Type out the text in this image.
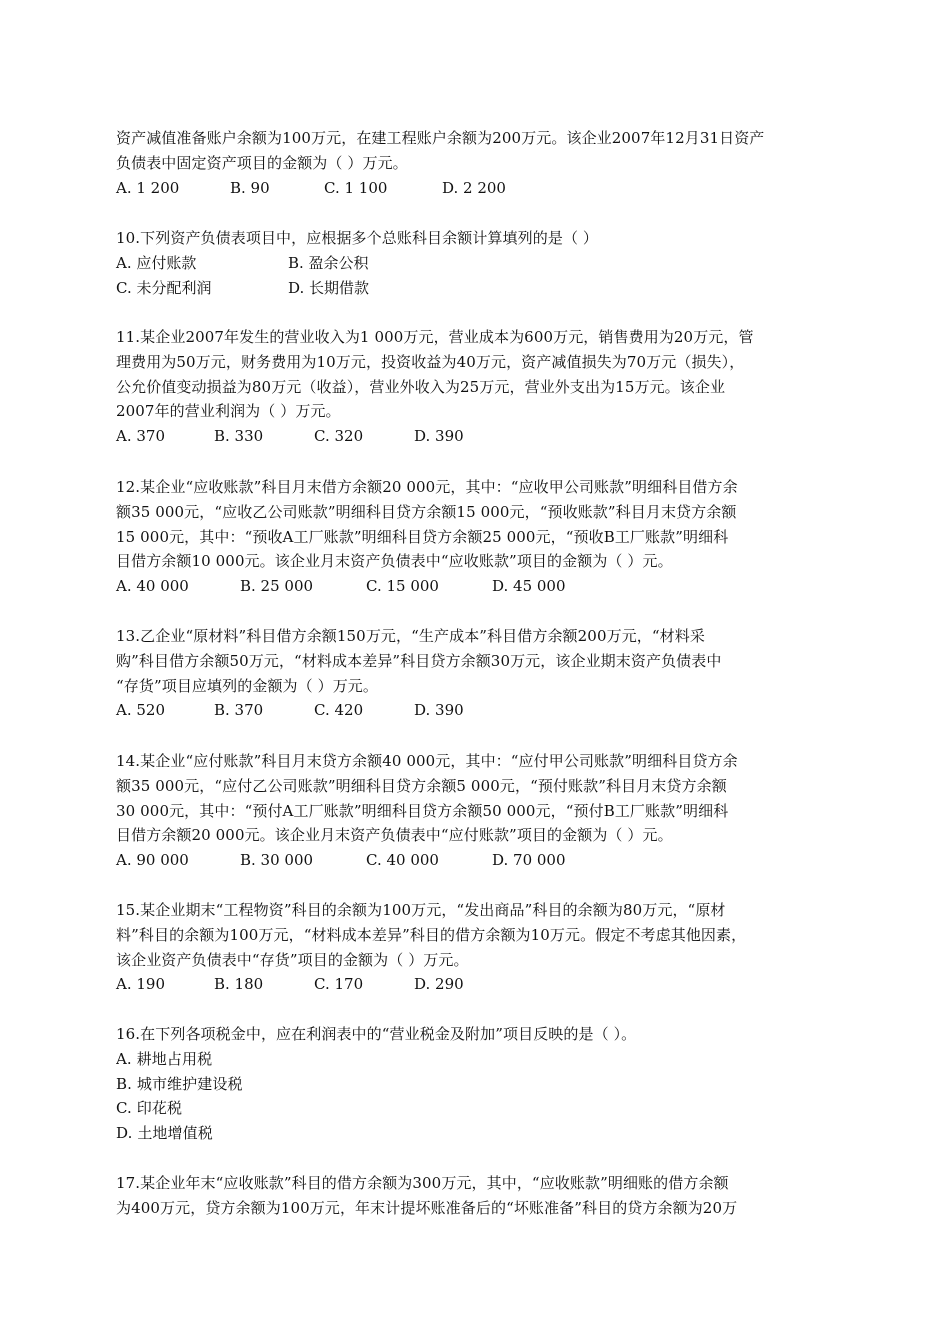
资产减值准备账户余额为100万元，在建工程账户余额为200万元。该企业2007年12月31日资产
负债表中固定资产项目的金额为（ ）万元。
A. 1 200	B. 90	C. 1 100	D. 2 200
10.下列资产负债表项目中，应根据多个总账科目余额计算填列的是（ ）
A. 应付账款	B. 盈余公积
C. 未分配利润	D. 长期借款
11.某企业2007年发生的营业收入为1 000万元，营业成本为600万元，销售费用为20万元，管
理费用为50万元，财务费用为10万元，投资收益为40万元，资产减值损失为70万元（损失），
公允价值变动损益为80万元（收益），营业外收入为25万元，营业外支出为15万元。该企业
2007年的营业利润为（ ）万元。
A. 370	B. 330	C. 320	D. 390
12.某企业“应收账款”科目月末借方余额20 000元，其中：“应收甲公司账款”明细科目借方余
额35 000元，“应收乙公司账款”明细科目贷方余额15 000元，“预收账款”科目月末贷方余额
15 000元，其中：“预收A工厂账款”明细科目贷方余额25 000元，“预收B工厂账款”明细科
目借方余额10 000元。该企业月末资产负债表中“应收账款”项目的金额为（ ）元。
A. 40 000	B. 25 000	C. 15 000	D. 45 000
13.乙企业“原材料”科目借方余额150万元，“生产成本”科目借方余额200万元，“材料采
购”科目借方余额50万元，“材料成本差异”科目贷方余额30万元，该企业期末资产负债表中
“存货”项目应填列的金额为（ ）万元。
A. 520	B. 370	C. 420	D. 390
14.某企业“应付账款”科目月末贷方余额40 000元，其中：“应付甲公司账款”明细科目贷方余
额35 000元，“应付乙公司账款”明细科目贷方余额5 000元，“预付账款”科目月末贷方余额
30 000元，其中：“预付A工厂账款”明细科目贷方余额50 000元，“预付B工厂账款”明细科
目借方余额20 000元。该企业月末资产负债表中“应付账款”项目的金额为（ ）元。
A. 90 000	B. 30 000	C. 40 000	D. 70 000
15.某企业期末“工程物资”科目的余额为100万元，“发出商品”科目的余额为80万元，“原材
料”科目的余额为100万元，“材料成本差异”科目的借方余额为10万元。假定不考虑其他因素，
该企业资产负债表中“存货”项目的金额为（ ）万元。
A. 190	B. 180	C. 170	D. 290
16.在下列各项税金中，应在利润表中的“营业税金及附加”项目反映的是（ ）。
A. 耕地占用税
B. 城市维护建设税
C. 印花税
D. 土地增值税
17.某企业年末“应收账款”科目的借方余额为300万元，其中，“应收账款”明细账的借方余额
为400万元，贷方余额为100万元，年末计提坏账准备后的“坏账准备”科目的贷方余额为20万
